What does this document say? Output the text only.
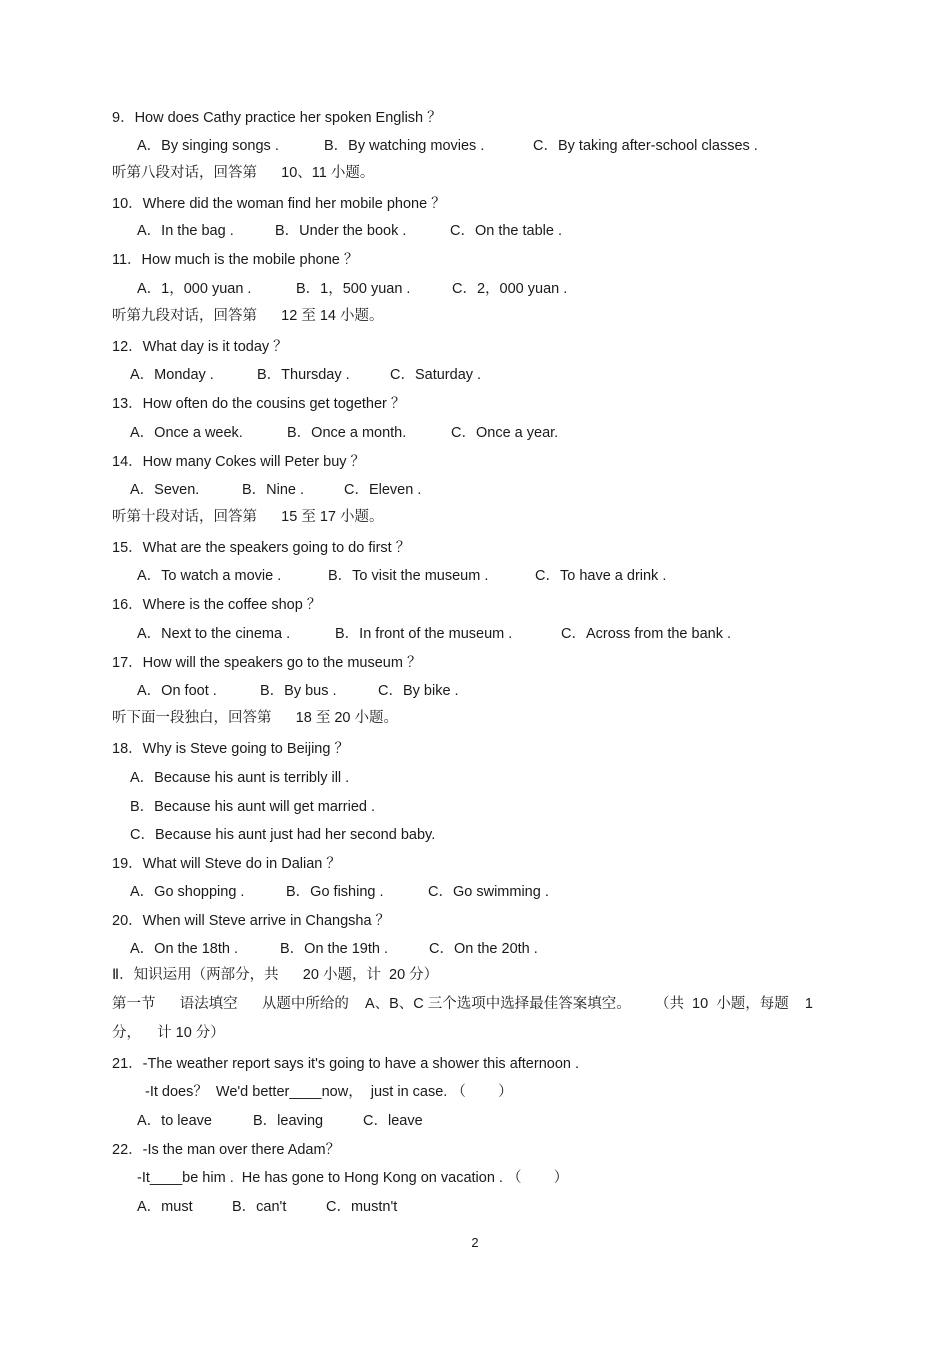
9．How does Cathy practice her spoken English ？
A．By singing songs .	B．By watching movies .	C．By taking after-school classes .
听第八段对话，回答第      10、11 小题。
10．Where did the woman find her mobile phone ？
A．In the bag .	B．Under the book .	C．On the table .
11．How much is the mobile phone ？
A．1，000 yuan .	B．1，500 yuan .	C．2，000 yuan .
听第九段对话，回答第      12 至 14 小题。
12．What day is it today ？
A．Monday .	B．Thursday .	C．Saturday .
13．How often do the cousins get together ？
A．Once a week.	B．Once a month.	C．Once a year.
14．How many Cokes will Peter buy ？
A．Seven.	B．Nine .	C．Eleven .
听第十段对话，回答第      15 至 17 小题。
15．What are the speakers going to do first ？
A．To watch a movie .	B．To visit the museum .	C．To have a drink .
16．Where is the coffee shop ？
A．Next to the cinema .	B．In front of the museum .	C．Across from the bank .
17．How will the speakers go to the museum ？
A．On foot .	B．By bus .	C．By bike .
听下面一段独白，回答第      18 至 20 小题。
18．Why is Steve going to Beijing ？
A．Because his aunt is terribly ill .
B．Because his aunt will get married .
C．Because his aunt just had her second baby.
19．What will Steve do in Dalian ？
A．Go shopping .	B．Go fishing .	C．Go swimming .
20．When will Steve arrive in Changsha ？
A．On the 18th .	B．On the 19th .	C．On the 20th .
Ⅱ．知识运用（两部分，共      20 小题，计  20 分）
第一节      语法填空      从题中所给的    A、B、C 三个选项中选择最佳答案填空。      （共  10  小题，每题    1
分，    计 10 分）
21．-The weather report says it's going to have a shower this afternoon .
-It does？  We'd better____now，  just in case. （        ）
A．to leave	B．leaving	C．leave
22．-Is the man over there Adam？
-It____be him .  He has gone to Hong Kong on vacation . （        ）
A．must	B．can't	C．mustn't
2
